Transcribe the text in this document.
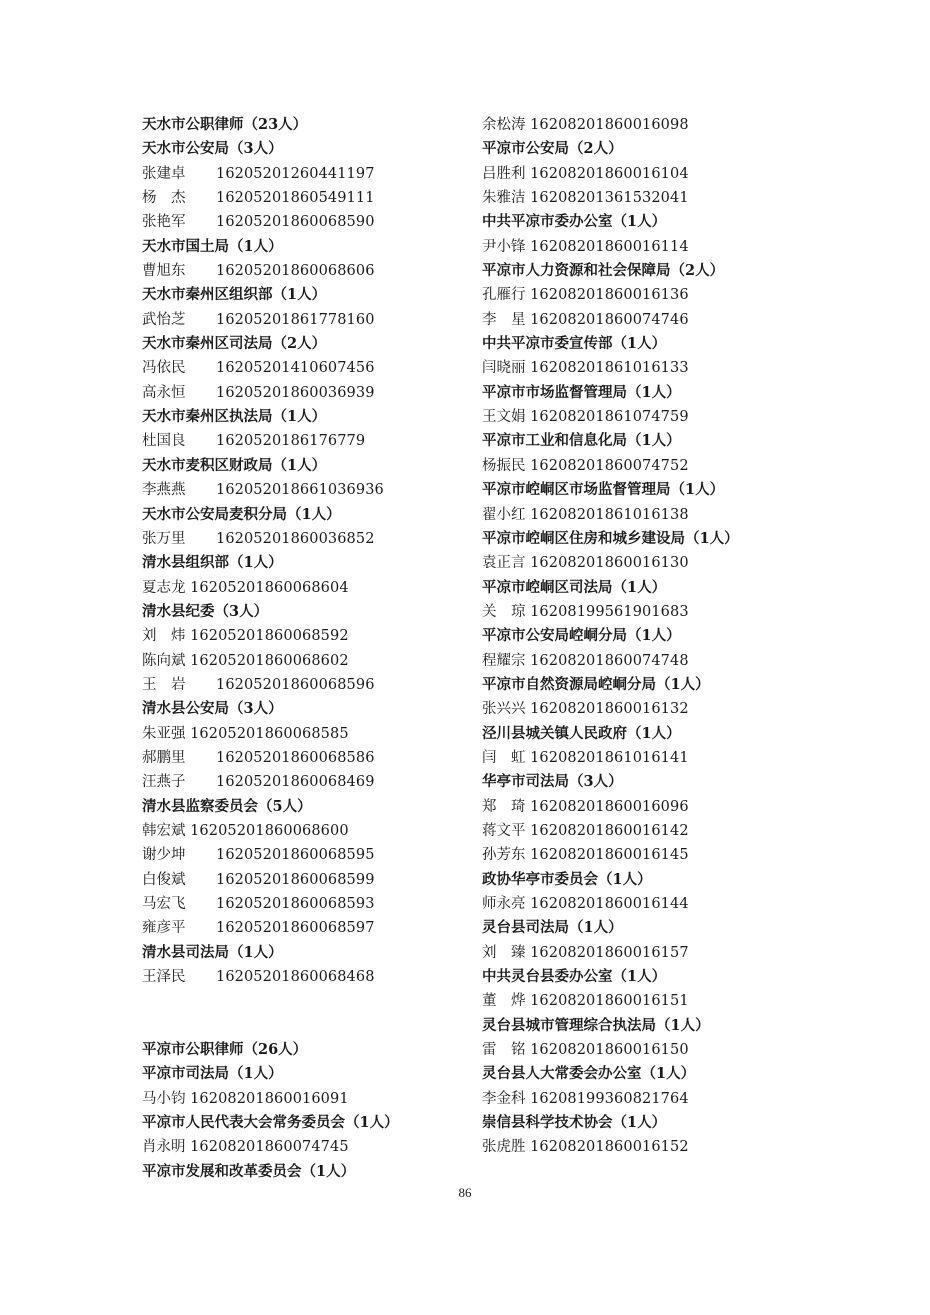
天水市公职律师（23人）
天水市公安局（3人）
张建卓 16205201260441197
杨　杰 16205201860549111
张艳军 16205201860068590
天水市国土局（1人）
曹旭东 16205201860068606
天水市秦州区组织部（1人）
武怡芝 16205201861778160
天水市秦州区司法局（2人）
冯依民 16205201410607456
高永恒 16205201860036939
天水市秦州区执法局（1人）
杜国良 1620520186176779
天水市麦积区财政局（1人）
李燕燕 162052018661036936
天水市公安局麦积分局（1人）
张万里 16205201860036852
清水县组织部（1人）
夏志龙 16205201860068604
清水县纪委（3人）
刘　炜 16205201860068592
陈向斌 16205201860068602
王　岩 16205201860068596
清水县公安局（3人）
朱亚强 16205201860068585
郝鹏里 16205201860068586
汪燕子 16205201860068469
清水县监察委员会（5人）
韩宏斌 16205201860068600
谢少坤 16205201860068595
白俊斌 16205201860068599
马宏飞 16205201860068593
雍彦平 16205201860068597
清水县司法局（1人）
王泽民 16205201860068468
平凉市公职律师（26人）
平凉市司法局（1人）
马小钧 16208201860016091
平凉市人民代表大会常务委员会（1人）
肖永明 16208201860074745
平凉市发展和改革委员会（1人）
余松涛 16208201860016098
平凉市公安局（2人）
吕胜利 16208201860016104
朱雅洁 16208201361532041
中共平凉市委办公室（1人）
尹小锋 16208201860016114
平凉市人力资源和社会保障局（2人）
孔雁行 16208201860016136
李　星 16208201860074746
中共平凉市委宣传部（1人）
闫晓丽 16208201861016133
平凉市市场监督管理局（1人）
王文娟 16208201861074759
平凉市工业和信息化局（1人）
杨振民 16208201860074752
平凉市崆峒区市场监督管理局（1人）
翟小红 16208201861016138
平凉市崆峒区住房和城乡建设局（1人）
袁正言 16208201860016130
平凉市崆峒区司法局（1人）
关　琼 16208199561901683
平凉市公安局崆峒分局（1人）
程耀宗 16208201860074748
平凉市自然资源局崆峒分局（1人）
张兴兴 16208201860016132
泾川县城关镇人民政府（1人）
闫　虹 16208201861016141
华亭市司法局（3人）
郑　琦 16208201860016096
蒋文平 16208201860016142
孙芳东 16208201860016145
政协华亭市委员会（1人）
师永亮 16208201860016144
灵台县司法局（1人）
刘　臻 16208201860016157
中共灵台县委办公室（1人）
董　烨 16208201860016151
灵台县城市管理综合执法局（1人）
雷　铭 16208201860016150
灵台县人大常委会办公室（1人）
李金科 16208199360821764
崇信县科学技术协会（1人）
张虎胜 16208201860016152
86
